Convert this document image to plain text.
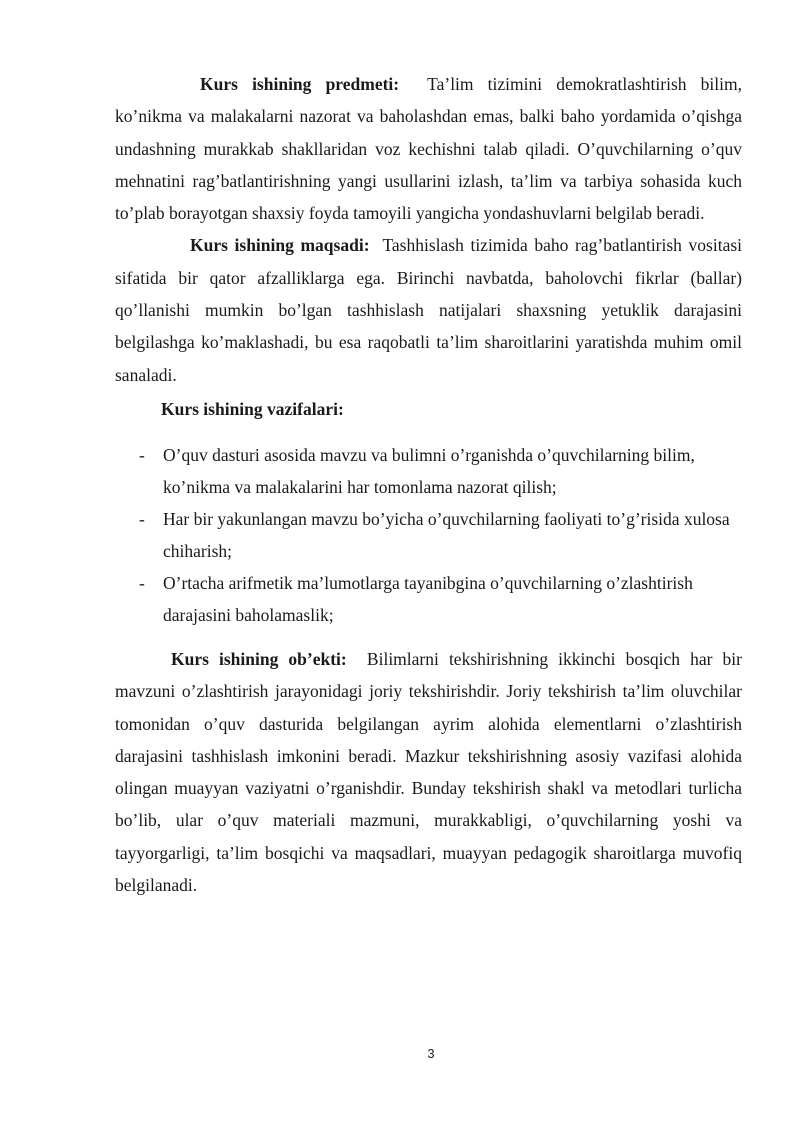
Kurs ishining predmeti: Ta’lim tizimini demokratlashtirish bilim, ko’nikma va malakalarni nazorat va baholashdan emas, balki baho yordamida o’qishga undashning murakkab shakllaridan voz kechishni talab qiladi. O’quvchilarning o’quv mehnatini rag’batlantirishning yangi usullarini izlash, ta’lim va tarbiya sohasida kuch to’plab borayotgan shaxsiy foyda tamoyili yangicha yondashuvlarni belgilab beradi.

Kurs ishining maqsadi: Tashhislash tizimida baho rag’batlantirish vositasi sifatida bir qator afzalliklarga ega. Birinchi navbatda, baholovchi fikrlar (ballar) qo’llanishi mumkin bo’lgan tashhislash natijalari shaxsning yetuklik darajasini belgilashga ko’maklashadi, bu esa raqobatli ta’lim sharoitlarini yaratishda muhim omil sanaladi.

Kurs ishining vazifalari:
- O’quv dasturi asosida mavzu va bulimni o’rganishda o’quvchilarning bilim, ko’nikma va malakalarini har tomonlama nazorat qilish;
- Har bir yakunlangan mavzu bo’yicha o’quvchilarning faoliyati to’g’risida xulosa chiharish;
- O’rtacha arifmetik ma’lumotlarga tayanibgina o’quvchilarning o’zlashtirish darajasini baholamaslik;

Kurs ishining ob’ekti: Bilimlarni tekshirishning ikkinchi bosqich har bir mavzuni o’zlashtirish jarayonidagi joriy tekshirishdir. Joriy tekshirish ta’lim oluvchilar tomonidan o’quv dasturida belgilangan ayrim alohida elementlarni o’zlashtirish darajasini tashhislash imkonini beradi. Mazkur tekshirishning asosiy vazifasi alohida olingan muayyan vaziyatni o’rganishdir. Bunday tekshirish shakl va metodlari turlicha bo’lib, ular o’quv materiali mazmuni, murakkabligi, o’quvchilarning yoshi va tayyorgarligi, ta’lim bosqichi va maqsadlari, muayyan pedagogik sharoitlarga muvofiq belgilanadi.

3
